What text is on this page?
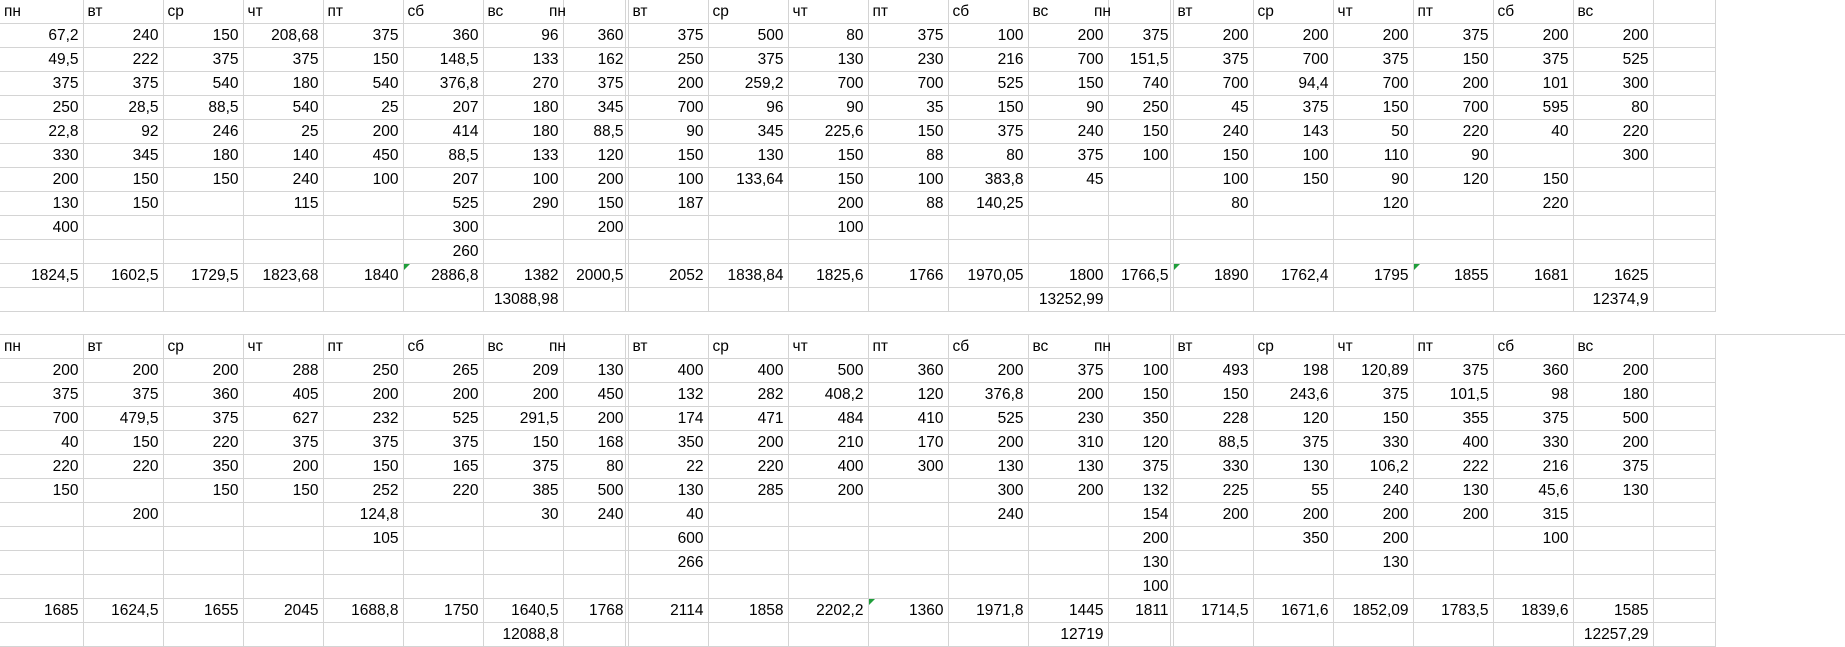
пн	вт	ср	чт	пт	сб	вс	
67,2	240	150	208,68	375	360	96	
49,5	222	375	375	150	148,5	133	
375	375	540	180	540	376,8	270	
250	28,5	88,5	540	25	207	180	
22,8	92	246	25	200	414	180	
330	345	180	140	450	88,5	133	
200	150	150	240	100	207	100	
130	150		115		525	290	
400					300		
					260		
1824,5	1602,5	1729,5	1823,68	1840	2886,8	1382	
						13088,98	
пн	вт	ср	чт	пт	сб	вс	
360	375	500	80	375	100	200	
162	250	375	130	230	216	700	
375	200	259,2	700	700	525	150	
345	700	96	90	35	150	90	
88,5	90	345	225,6	150	375	240	
120	150	130	150	88	80	375	
200	100	133,64	150	100	383,8	45	
150	187		200	88	140,25		
200			100				

2000,5	2052	1838,84	1825,6	1766	1970,05	1800	
						13252,99	
пн	вт	ср	чт	пт	сб	вс	
375	200	200	200	375	200	200	
151,5	375	700	375	150	375	525	
740	700	94,4	700	200	101	300	
250	45	375	150	700	595	80	
150	240	143	50	220	40	220	
100	150	100	110	90		300	
	100	150	90	120	150		
	80		120		220		

1766,5	1890	1762,4	1795	1855	1681	1625	
						12374,9	
пн	вт	ср	чт	пт	сб	вс	
200	200	200	288	250	265	209	
375	375	360	405	200	200	200	
700	479,5	375	627	232	525	291,5	
40	150	220	375	375	375	150	
220	220	350	200	150	165	375	
150		150	150	252	220	385	
	200			124,8		30	
				105			

1685	1624,5	1655	2045	1688,8	1750	1640,5	
						12088,8	
пн	вт	ср	чт	пт	сб	вс	
130	400	400	500	360	200	375	
450	132	282	408,2	120	376,8	200	
200	174	471	484	410	525	230	
168	350	200	210	170	200	310	
80	22	220	400	300	130	130	
500	130	285	200		300	200	
240	40				240		
	600						
	266						

1768	2114	1858	2202,2	1360	1971,8	1445	
						12719	
пн	вт	ср	чт	пт	сб	вс	
100	493	198	120,89	375	360	200	
150	150	243,6	375	101,5	98	180	
350	228	120	150	355	375	500	
120	88,5	375	330	400	330	200	
375	330	130	106,2	222	216	375	
132	225	55	240	130	45,6	130	
154	200	200	200	200	315		
200		350	200		100		
130			130				
100							
1811	1714,5	1671,6	1852,09	1783,5	1839,6	1585	
						12257,29	
